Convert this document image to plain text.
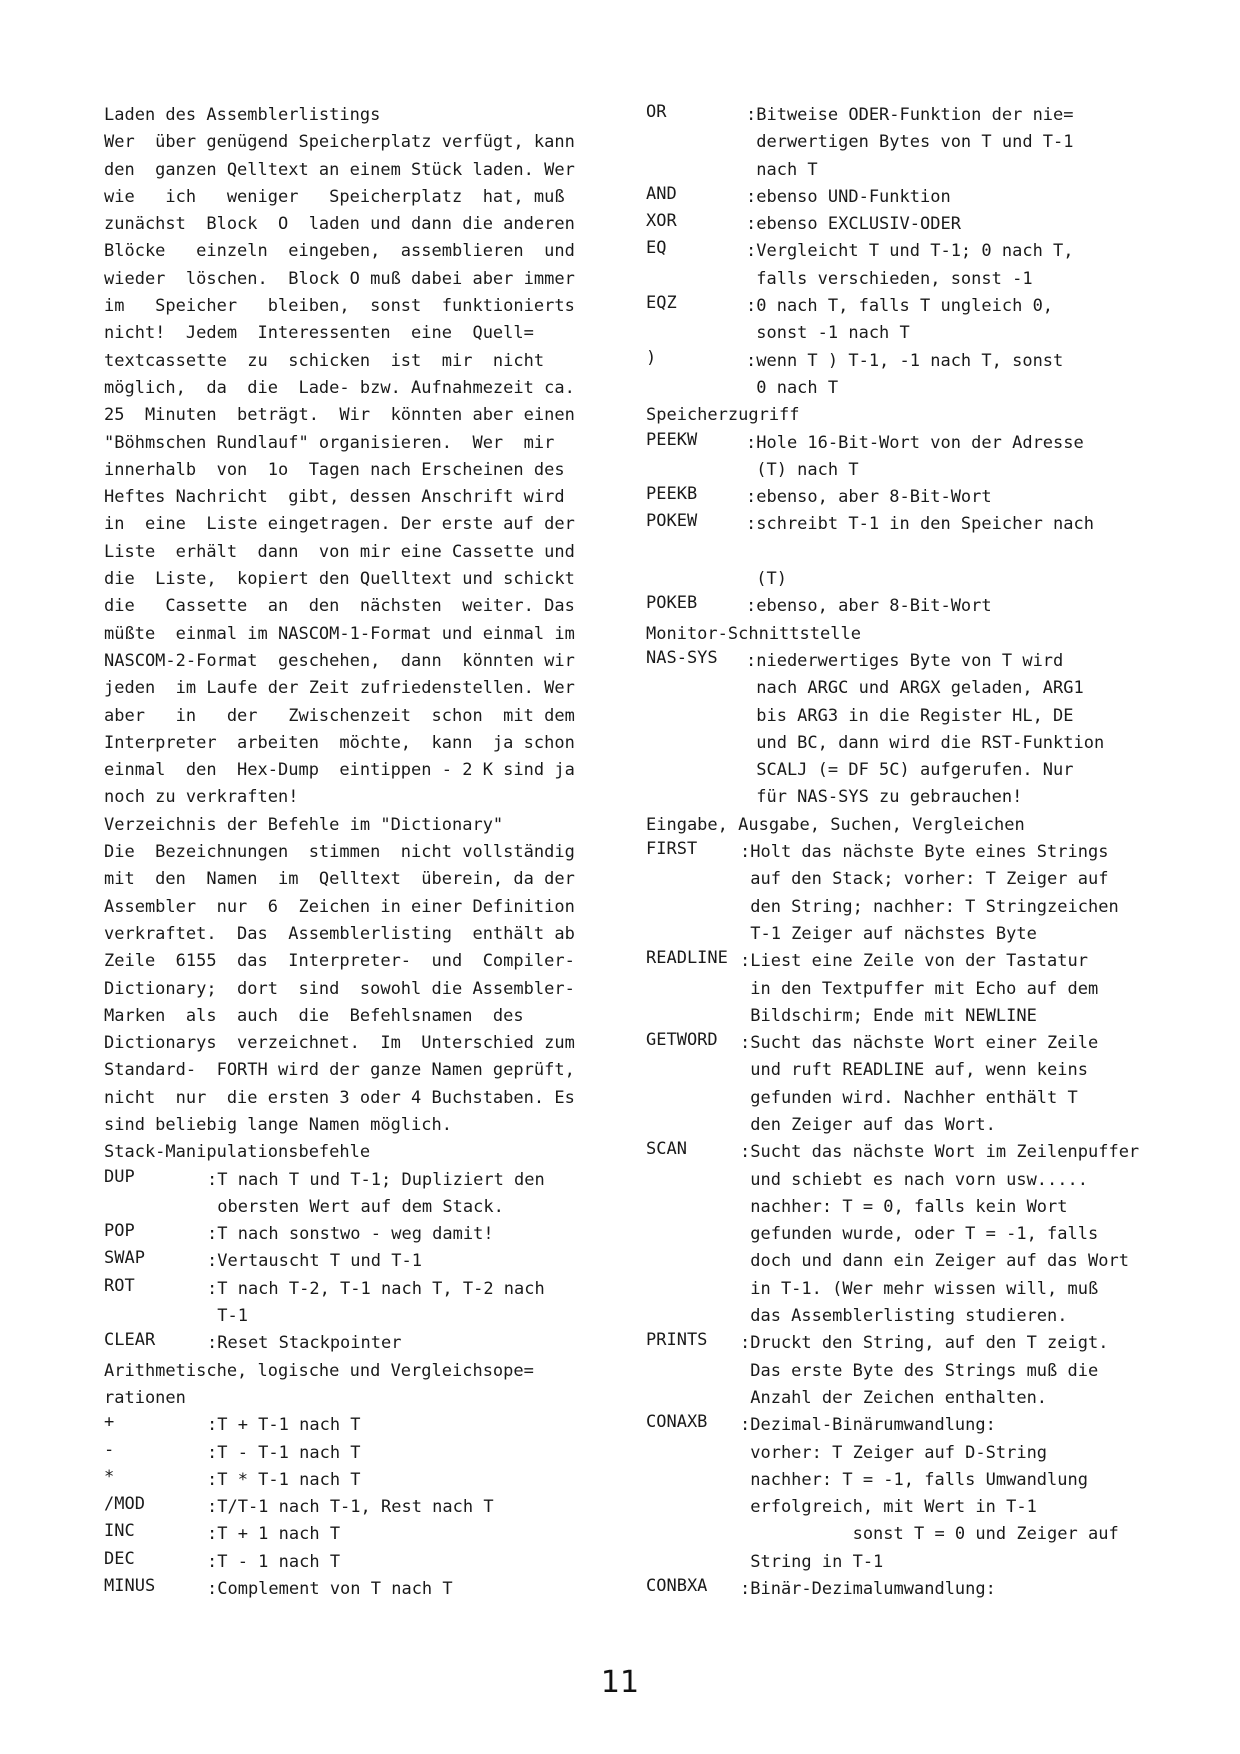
Laden des Assemblerlistings
Wer  über genügend Speicherplatz verfügt, kann
den  ganzen Qelltext an einem Stück laden. Wer
wie   ich   weniger   Speicherplatz  hat, muß
zunächst  Block  O  laden und dann die anderen
Blöcke   einzeln  eingeben,  assemblieren  und
wieder  löschen.  Block O muß dabei aber immer
im   Speicher   bleiben,  sonst  funktionierts
nicht!  Jedem  Interessenten  eine  Quell=
textcassette  zu  schicken  ist  mir  nicht
möglich,  da  die  Lade- bzw. Aufnahmezeit ca.
25  Minuten  beträgt.  Wir  könnten aber einen
"Böhmschen Rundlauf" organisieren.  Wer  mir
innerhalb  von  1o  Tagen nach Erscheinen des
Heftes Nachricht  gibt, dessen Anschrift wird
in  eine  Liste eingetragen. Der erste auf der
Liste  erhält  dann  von mir eine Cassette und
die  Liste,  kopiert den Quelltext und schickt
die   Cassette  an  den  nächsten  weiter. Das
müßte  einmal im NASCOM-1-Format und einmal im
NASCOM-2-Format  geschehen,  dann  könnten wir
jeden  im Laufe der Zeit zufriedenstellen. Wer
aber   in   der   Zwischenzeit  schon  mit dem
Interpreter  arbeiten  möchte,  kann  ja schon
einmal  den  Hex-Dump  eintippen - 2 K sind ja
noch zu verkraften!
Verzeichnis der Befehle im "Dictionary"
Die  Bezeichnungen  stimmen  nicht vollständig
mit  den  Namen  im  Qelltext  überein, da der
Assembler  nur  6  Zeichen in einer Definition
verkraftet.  Das  Assemblerlisting  enthält ab
Zeile  6155  das  Interpreter-  und  Compiler-
Dictionary;  dort  sind  sowohl die Assembler-
Marken  als  auch  die  Befehlsnamen  des
Dictionarys  verzeichnet.  Im  Unterschied zum
Standard-  FORTH wird der ganze Namen geprüft,
nicht  nur  die ersten 3 oder 4 Buchstaben. Es
sind beliebig lange Namen möglich.
Stack-Manipulationsbefehle
DUP	:T nach T und T-1; Dupliziert den
obersten Wert auf dem Stack.
POP	:T nach sonstwo - weg damit!
SWAP	:Vertauscht T und T-1
ROT	:T nach T-2, T-1 nach T, T-2 nach
T-1
CLEAR	:Reset Stackpointer
Arithmetische, logische und Vergleichsope=
rationen
+	:T + T-1 nach T
-	:T - T-1 nach T
*	:T * T-1 nach T
/MOD	:T/T-1 nach T-1, Rest nach T
INC	:T + 1 nach T
DEC	:T - 1 nach T
MINUS	:Complement von T nach T
OR	:Bitweise ODER-Funktion der nie=
derwertigen Bytes von T und T-1
nach T
AND	:ebenso UND-Funktion
XOR	:ebenso EXCLUSIV-ODER
EQ	:Vergleicht T und T-1; 0 nach T,
falls verschieden, sonst -1
EQZ	:0 nach T, falls T ungleich 0,
sonst -1 nach T
)	:wenn T ) T-1, -1 nach T, sonst
0 nach T
Speicherzugriff
PEEKW	:Hole 16-Bit-Wort von der Adresse
(T) nach T
PEEKB	:ebenso, aber 8-Bit-Wort
POKEW	:schreibt T-1 in den Speicher nach
(T)
POKEB	:ebenso, aber 8-Bit-Wort
Monitor-Schnittstelle
NAS-SYS	:niederwertiges Byte von T wird
nach ARGC und ARGX geladen, ARG1
bis ARG3 in die Register HL, DE
und BC, dann wird die RST-Funktion
SCALJ (= DF 5C) aufgerufen. Nur
für NAS-SYS zu gebrauchen!
Eingabe, Ausgabe, Suchen, Vergleichen
FIRST	:Holt das nächste Byte eines Strings
auf den Stack; vorher: T Zeiger auf
den String; nachher: T Stringzeichen
T-1 Zeiger auf nächstes Byte
READLINE :Liest eine Zeile von der Tastatur
in den Textpuffer mit Echo auf dem
Bildschirm; Ende mit NEWLINE
GETWORD	:Sucht das nächste Wort einer Zeile
und ruft READLINE auf, wenn keins
gefunden wird. Nachher enthält T
den Zeiger auf das Wort.
SCAN	:Sucht das nächste Wort im Zeilenpuffer
und schiebt es nach vorn usw.....
nachher: T = 0, falls kein Wort
gefunden wurde, oder T = -1, falls
doch und dann ein Zeiger auf das Wort
in T-1. (Wer mehr wissen will, muß
das Assemblerlisting studieren.
PRINTS	:Druckt den String, auf den T zeigt.
Das erste Byte des Strings muß die
Anzahl der Zeichen enthalten.
CONAXB	:Dezimal-Binärumwandlung:
vorher: T Zeiger auf D-String
nachher: T = -1, falls Umwandlung
erfolgreich, mit Wert in T-1
sonst T = 0 und Zeiger auf
String in T-1
CONBXA	:Binär-Dezimalumwandlung:
11
